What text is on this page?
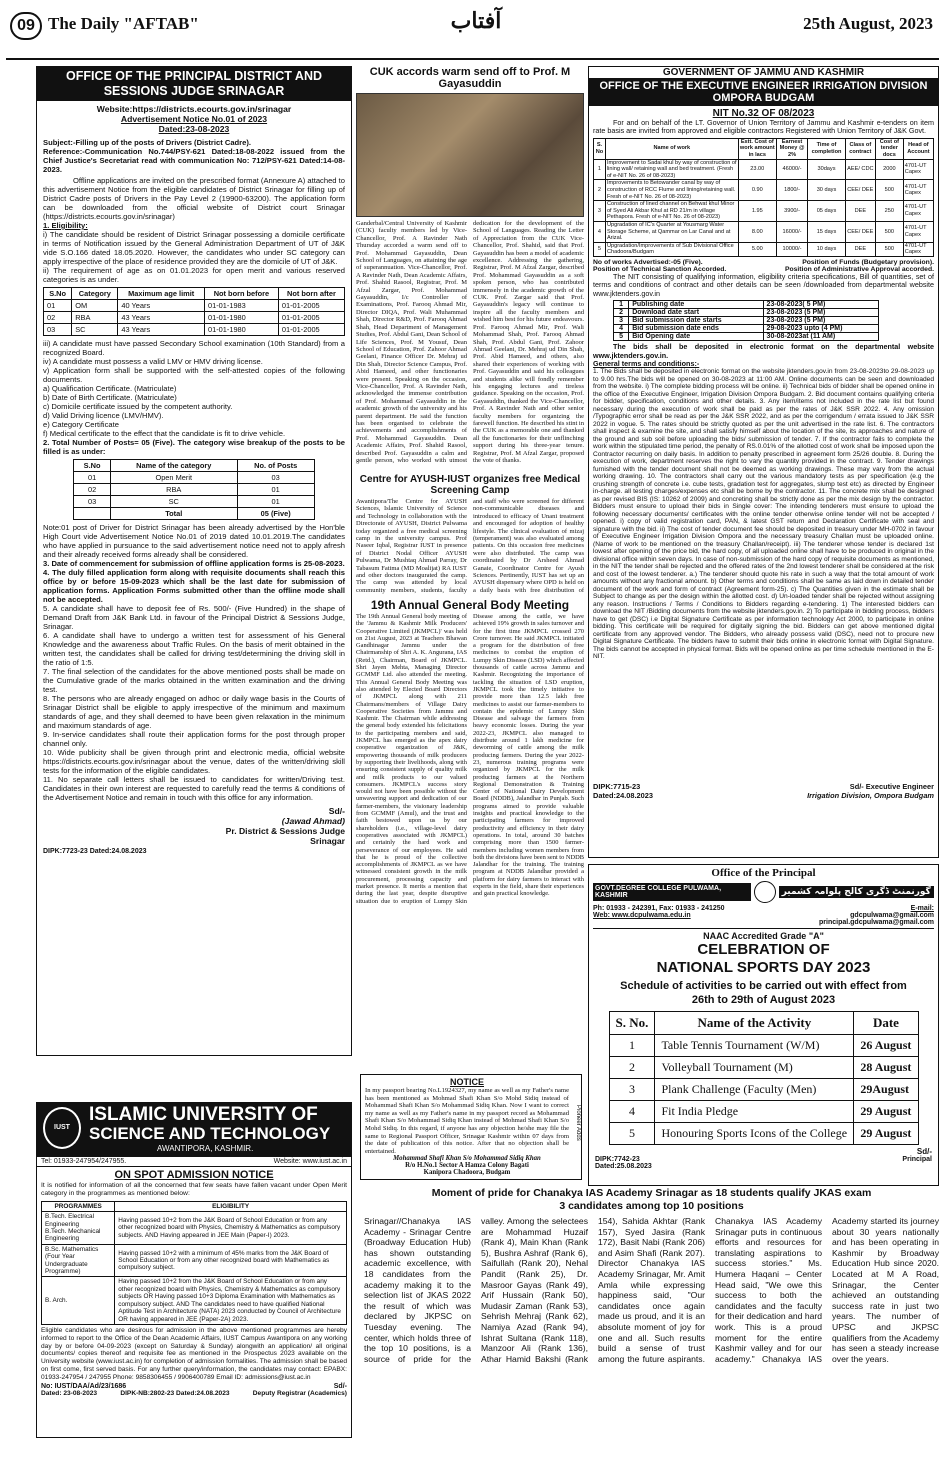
09 The Daily "AFTAB"	آفتاب	25th August, 2023
OFFICE OF THE PRINCIPAL DISTRICT AND SESSIONS JUDGE SRINAGAR
Website:https://districts.ecourts.gov.in/srinagar
Advertisement Notice No.01 of 2023
Dated:23-08-2023
Subject:-Filling up of the posts of Drivers (District Cadre).
Reference:-Communication No.744/PSY-621 Dated:18-08-2022 issued from the Chief Justice's Secretariat read with communication No: 712/PSY-621 Dated:14-08-2023.
Offline applications are invited on the prescribed format (Annexure A) attached to this advertisement Notice from the eligible candidates of District Srinagar for filling up of District Cadre posts of Drivers in the Pay Level 2 (19900-63200). The application form can be downloaded from the official website of District court Srinagar (https://districts.ecourts.gov.in/srinagar)
1. Eligibility:
i) The candidate should be resident of District Srinagar possessing a domicile certificate in terms of Notification issued by the General Administration Department of UT of J&K vide S.O.166 dated 18.05.2020. However, the candidates who under SC category can apply irrespective of the place of residence provided they are the domicile of UT of J&K.
ii) The requirement of age as on 01.01.2023 for open merit and various reserved categories is as under.
S.No	Category	Maximum age limit	Not born before	Not born after
01	OM	40 Years	01-01-1983	01-01-2005
02	RBA	43 Years	01-01-1980	01-01-2005
03	SC	43 Years	01-01-1980	01-01-2005
iii) A candidate must have passed Secondary School examination (10th Standard) from a recognized Board.
iv) A candidate must possess a valid LMV or HMV driving license.
v) Application form shall be supported with the self-attested copies of the following documents.
a) Qualification Certificate. (Matriculate)
b) Date of Birth Certificate. (Matriculate)
c) Domicile certificate issued by the competent authority.
d) Valid Driving licence (LMV/HMV).
e) Category Certificate
f) Medical certificate to the effect that the candidate is fit to drive vehicle.
2. Total Number of Posts= 05 (Five). The category wise breakup of the posts to be filled is as under:
S.No	Name of the category	No. of Posts
01	Open Merit	03
02	RBA	01
03	SC	01
	Total	05 (Five)
Note:01 post of Driver for District Srinagar has been already advertised by the Hon'ble High Court vide Advertisement Notice No.01 of 2019 dated 10.01.2019.The candidates who have applied in pursuance to the said advertisement notice need not to apply afresh and their already received forms already shall be considered.
3. Date of commencement for submission of offline application forms is 25-08-2023.
4. The duly filled application form along with requisite documents shall reach this office by or before 15-09-2023 which shall be the last date for submission of application forms. Application Forms submitted other than the offline mode shall not be accepted.
5. A candidate shall have to deposit fee of Rs. 500/- (Five Hundred) in the shape of Demand Draft from J&K Bank Ltd. in favour of the Principal District & Sessions Judge, Srinagar.
6. A candidate shall have to undergo a written test for assessment of his General Knowledge and the awareness about Traffic Rules. On the basis of merit obtained in the written test, the candidates shall be called for driving test/determining the driving skill in the ratio of 1:5.
7. The final selection of the candidates for the above mentioned posts shall be made on the Cumulative grade of the marks obtained in the written examination and the driving test.
8. The persons who are already engaged on adhoc or daily wage basis in the Courts of Srinagar District shall be eligible to apply irrespective of the minimum and maximum standards of age, and they shall deemed to have been given relaxation in the minimum and maximum standards of age.
9. In-service candidates shall route their application forms for the post through proper channel only.
10. Wide publicity shall be given through print and electronic media, official website https://districts.ecourts.gov.in/srinagar about the venue, dates of the written/driving skill tests for the information of the eligible candidates.
11. No separate call letters shall be issued to candidates for written/Driving test. Candidates in their own interest are requested to carefully read the terms & conditions of the Advertisement Notice and remain in touch with this office for any information.
Sd/-
(Jawad Ahmad)
Pr. District & Sessions Judge
Srinagar
DIPK:7723-23 Dated:24.08.2023
IUST
ISLAMIC UNIVERSITY OF
SCIENCE AND TECHNOLOGY
AWANTIPORA, KASHMIR.
Tel: 01933-247954/247955.	Website: www.iust.ac.in
ON SPOT ADMISSION NOTICE
It is notified for information of all the concerned that few seats have fallen vacant under Open Merit category in the programmes as mentioned below:
PROGRAMMES	ELIGIBILITY
B.Tech. Electrical Engineering
B.Tech. Mechanical Engineering	Having passed 10+2 from the J&K Board of School Education or from any other recognized board with Physics, Chemistry & Mathematics as compulsory subjects. AND Having appeared in JEE Main (Paper-I) 2023.
B.Sc. Mathematics (Four Year Undergraduate Programme)	Having passed 10+2 with a minimum of 45% marks from the J&K Board of School Education or from any other recognized board with Mathematics as compulsory subject.
B. Arch.	Having passed 10+2 from the J&K Board of School Education or from any other recognized board with Physics, Chemistry & Mathematics as compulsory subjects OR Having passed 10+3 Diploma Examination with Mathematics as compulsory subject. AND The candidates need to have qualified National Aptitude Test in Architecture (NATA) 2023 conducted by Council of Architecture OR having appeared in JEE (Paper-2A) 2023.
Eligible candidates who are desirous for admission in the above mentioned programmes are hereby informed to report to the Office of the Dean Academic Affairs, IUST Campus Awantipora on any working day by or before 04-09-2023 (except on Saturday & Sunday) alongwith an application/ all original documents/ copies thereof and requisite fee as mentioned in the Prospectus 2023 available on the University website (www.iust.ac.in) for completion of admission formalities. The admission shall be based on first come, first served basis. For any further query/information, the candidates may contact: EPABX: 01933-247954 / 247955 Phone: 9858306455 / 9906400789 Email ID: admissions@iust.ac.in
No: IUST/DAA/Ad/23/1686	Sd/-
Dated: 23-08-2023	DIPK-NB:2802-23 Dated:24.08.2023	Deputy Registrar (Academics)
CUK accords warm send off to Prof. M Gayasuddin
Ganderbal/Central University of Kashmir (CUK) faculty members led by Vice-Chancellor, Prof. A Ravinder Nath Thursday accorded a warm send off to Prof. Mohammad Gayasuddin, Dean School of Languages, on attaining the age of superannuation. Vice-Chancellor, Prof. A Ravinder Nath, Dean Academic Affairs, Prof. Shahid Rasool, Registrar, Prof. M Afzal Zargar, Prof. Mohammad Gayasuddin, I/c Controller of Examinations, Prof. Farooq Ahmad Mir, Director DIQA, Prof. Wali Muhammad Shah, Director R&D, Prof. Farooq Ahmad Shah, Head Department of Management Studies, Prof. Abdul Gani, Dean School of Life Sciences, Prof. M Yousuf, Dean School of Education, Prof. Zahoor Ahmad Geelani, Finance Officer Dr. Mehraj ud Din Shah, Director Science Campus, Prof. Abid Hameed, and other functionaries were present. Speaking on the occasion, Vice-Chancellor, Prof. A Ravinder Nath, acknowledged the immense contribution of Prof. Mohammad Gayasuddin in the academic growth of the university and his parent department. He said the function has been organised to celebrate the achievements and accomplishments of Prof. Mohammad Gayasuddin. Dean Academic Affairs, Prof. Shahid Rasool, described Prof. Gayasuddin a calm and gentle person, who worked with utmost dedication for the development of the School of Languages. Reading the Letter of Appreciation from the CUK Vice-Chancellor, Prof. Shahid, said that Prof. Gayasuddin has been a model of academic excellence. Addressing the gathering, Registrar, Prof. M Afzal Zargar, described Prof. Mohammad Gayasuddin as a soft spoken person, who has contributed immensely in the academic growth of the CUK. Prof. Zargar said that Prof. Gayasuddin's legacy will continue to inspire all the faculty members and wished him best for his future endeavours. Prof. Farooq Ahmad Mir, Prof. Wali Mohammad Shah, Prof. Farooq Ahmad Shah, Prof. Abdul Gani, Prof. Zahoor Ahmad Geelani, Dr. Mehraj ud Din Shah, Prof. Abid Hameed, and others, also shared their experiences of working with Prof. Gayasuddin and said his colleagues and students alike will fondly remember his engaging lectures and tireless guidance. Speaking on the occasion, Prof. Gayasuddin, thanked the Vice-Chancellor, Prof. A Ravinder Nath and other senior faculty members for organizing the farewell function. He described his stint in the CUK as a memorable one and thanked all the functionaries for their unflinching support during his three-year tenure. Registrar, Prof. M Afzal Zargar, proposed the vote of thanks.
Centre for AYUSH-IUST organizes free Medical Screening Camp
Awantipora/The Centre for AYUSH Sciences, Islamic University of Science and Technology in collaboration with the Directorate of AYUSH, District Pulwama today organized a free medical screening camp in the university campus. Prof Naseer Iqbal, Registrar IUST in presence of District Nodal Officer AYUSH Pulwama, Dr Mushtaq Ahmad Parray, Dr Tabasum Fatima (MD Moalijat) RA IUST and other doctors inaugurated the camp. The camp was attended by local community members, students, faculty and staff who were screened for different non-communicable diseases and introduced to efficacy of Unani treatment and encouraged for adoption of healthy lifestyle. The clinical evaluation of mizaj (temperament) was also evaluated among patients. On this occasion free medicines were also distributed. The camp was coordinated by Dr Arsheed Ahmad Ganaie, Coordinator Centre for Ayush Sciences. Pertinently, IUST has set up an AYUSH dispensary where OPD is held on a daily basis with free distribution of
19th Annual General Body Meeting
The 19th Annual General body meeting of the 'Jammu & Kashmir Milk Producers' Cooperative Limited (JKMPCL)' was held on 21st August, 2023 at Teachers Bhawan Gandhinagar Jammu under the Chairmanship of Shri A. K. Angurana, IAS (Retd.), Chairman, Board of JKMPCL. Shri Jayen Mehta, Managing Director GCMMF Ltd. also attended the meeting. This Annual General Body Meeting was also attended by Elected Board Directors of JKMPCL along with 211 Chairmans/members of Village Dairy Cooperative Societies from Jammu and Kashmir. The Chairman while addressing the general body extended his felicitations to the participating members and said, JKMPCL has emerged as the apex dairy cooperative organization of J&K, empowering thousands of milk producers by supporting their livelihoods, along with ensuring consistent supply of quality milk and milk products to our valued consumers. JKMPCL's success story would not have been possible without the unwavering support and dedication of our farmer-members, the visionary leadership from GCMMF (Amul), and the trust and faith bestowed upon us by our shareholders (i.e., village-level dairy cooperatives associated with JKMPCL) and certainly the hard work and perseverance of our employees. He said that he is proud of the collective accomplishments of JKMPCL as we have witnessed consistent growth in the milk procurement, processing capacity and market presence. It merits a mention that during the last year, despite disruptive situation due to eruption of Lumpy Skin Disease among the cattle, we have achieved 19% growth in sales turnover and for the first time JKMPCL crossed 270 Crore turnover. He said JKMPCL initiated a program for the distribution of free medicines to combat the eruption of Lumpy Skin Disease (LSD) which affected thousands of cattle across Jammu and Kashmir. Recognizing the importance of tackling the situation of LSD eruption, JKMPCL took the timely initiative to provide more than 12.5 lakh free medicines to assist our farmer-members to contain the epidemic of Lumpy Skin Disease and salvage the farmers from heavy economic losses. During the year 2022-23, JKMPCL also managed to distribute around 1 lakh medicine for deworming of cattle among the milk producing farmers. During the year 2022-23, numerous training programs were organized by JKMPCL for the milk producing farmers at the Northern Regional Demonstration & Training Center of National Dairy Development Board (NDDB), Jalandhar in Punjab. Such programs aimed to provide valuable insights and practical knowledge to the participating farmers for improved productivity and efficiency in their dairy operations. In total, around 30 batches comprising more than 1500 farmer-members including women members from both the divisions have been sent to NDDB Jalandhar for the training. The training program at NDDB Jalandhar provided a platform for dairy farmers to interact with experts in the field, share their experiences and gain practical knowledge.
NOTICE
In my passport bearing No.L1924327, my name as well as my Father's name has been mentioned as Mohmad Shafi Khan S/o Mohd Sidiq instead of Mohammad Shafi Khan S/o Mohammad Sidiq Khan. Now I want to correct my name as well as my Father's name in my passport record as Mohammad Shafi Khan S/o Mohammad Sidiq Khan instead of Mohmad Shafi Khan S/o Mohd Sidiq. In this regard, if anyone has any objection he/she may file the same to Regional Passport Officer, Srinagar Kashmir within 07 days from the date of publication of this notice. After that no objection shall be entertained.
Mohammad Shafi Khan S/o Mohammad Sidiq Khan
R/o H.No.1 Sector A Hamza Colony Bagati
Kanipora Chadoora, Budgam
Pioneer Adds
GOVERNMENT OF JAMMU AND KASHMIR
OFFICE OF THE EXECUTIVE ENGINEER IRRIGATION DIVISION OMPORA BUDGAM
NIT No.32 OF 08/2023
For and on behalf of the LT. Governor of Union Territory of Jammu and Kashmir e-tenders on item rate basis are invited from approved and eligible contractors Registered with Union Territory of J&K Govt.
S. No	Name of work	Estt. Cost of work amount in lacs	Earnest Money @ 2%	Time of completion	Class of contract	Cost of tender docs	Head of Account
1	Improvement to Sadai khul by way of construction of lining wall/ retaining wall and bed treatment. (Fresh of e-NIT No. 26 of 08-2023)	23.00	46000/-	30days	AEE/ CDC	2000	4701-UT Capex
2	Improvements to Betowander canal by way of construction of RCC Flume and lining/retaining wall. Fresh of e-NIT No. 26 of 08-2023)	0.90	1800/-	30 days	CEE/ DEE	500	4701-UT Capex
3	Construction of lined channel on Behwat khul Minor of Syed Ali Akbar Khul at RD 21/m in village Pethapora. Fresh of e-NIT No. 26 of 08-2023)	1.95	3900/-	05 days	DEE	250	4701-UT Capex
4	Upgradation of IC's Quarter at Yousmarg Water Storage Scheme, at Qammar on Lar Canal and at Arizal.	8.00	16000/-	15 days	CEE/ DEE	500	4701-UT Capex
5	Upgradation/Improvements of Sub Divisional Office Chadoora/Budgam	5.00	10000/-	10 days	DEE	500	4701-UT Capex
No of works Advertised:-05 (Five).	Position of Funds (Budgetary provision).
Position of Technical Sanction Accorded.	Position of Administrative Approval accorded.
The NIT consisting of qualifying information, eligibility criteria specifications, Bill of quantities, set of terms and conditions of contract and other details can be seen /downloaded from departmental website www.jktenders.gov.in
1	Publishing date	23-08-2023( 5 PM)
2	Download date start	23-08-2023 (5 PM)
3	Bid submission date starts	23-08-2023 (5 PM)
4	Bid submission date ends	29-08-2023 upto (4 PM)
5	Bid Opening date	30-08-2023at (11 AM)
The bids shall be deposited in electronic format on the departmental website www.jktenders.gov.in.
General terms and conditions:-
1. The Bids shall be deposited in electronic format on the website jktenders.gov.in from 23-08-2023to 29-08-2023 up to 9.00 hrs.The bids will be opened on 30-08-2023 at 11:00 AM. Online documents can be seen and downloaded from the website. i) The complete bidding process will be online. ii) Technical bids of bidder shall be opened online in the office of the Executive Engineer, Irrigation Division Ompora Budgam. 2. Bid document contains qualifying criteria for bidder, specification, conditions and other details. 3. Any item/items not included in the rate list but found necessary during the execution of work shall be paid as per the rates of J&K SSR 2022. 4. Any omission /Typographic error shall be read as per the J&K SSR 2022, and as per the corrigendum / errata issued to J&K SSR 2022 in vogue. 5. The rates should be strictly quoted as per the unit advertised in the rate list. 6. The contractors shall inspect & examine the site, and shall satisfy himself about the location of the site, its approaches and nature of the ground and sub soil before uploading the bids/ submission of tender. 7. If the contractor fails to complete the work within the stipulated time period, the penalty of RS.0.01% of the allotted cost of work shall be imposed upon the Contractor recurring on daily basis. In addition to penalty prescribed in agreement form 25/26 double. 8. During the execution of work, department reserves the right to vary the quantity provided in the contract. 9. Tender drawings furnished with the tender document shall not be deemed as working drawings. These may vary from the actual working drawing. 10. The contractors shall carry out the various mandatory tests as per specification (e.g the crushing strength of concrete i.e. cube tests, gradation test for aggregates, slump test etc) as directed by Engineer in-charge. all testing charges/expenses etc shall be borne by the contractor. 11. The concrete mix shall be designed as per revised BIS (IS: 10262 of 2009) and concreting shall be strictly done as per the mix design by the contractor. Bidders must ensure to upload their bids in Single cover: The intending tenderers must ensure to upload the following necessary documents/ certificates with the online tender otherwise online tender will not be accepted / opened. i) copy of valid registration card, PAN, & latest GST return and Declaration Certificate with seal and signature with the bid. ii) The cost of tender document fee should be deposited in treasury under MH-0702 in favour of Executive Engineer Irrigation Division Ompora and the necessary treasury Challan must be uploaded online. (Name of work to be mentioned on the treasury Challan/receipt). iii) The tenderer whose tender is declared 1st lowest after opening of the price bid, the hard copy, of all uploaded online shall have to be produced in original in the divisional office within seven days. In case of non-submission of the hard copy of requisite documents as mentioned, in the NIT the tender shall be rejected and the offered rates of the 2nd lowest tenderer shall be considered at the risk and cost of the lowest tenderer. a.) The tenderer should quote his rate in such a way that the total amount of work amounts without any fractional amount. b) Other terms and conditions shall be same as laid down in detailed tender document of the work and form of contract (Agreement form-25). c) The Quantities given in the estimate shall be Subject to change as per the design within the allotted cost. d) Un-loaded tender shall be rejected without assigning any reason. Instructions / Terms / Conditions to Bidders regarding e-tendering. 1) The interested bidders can download the NIT /Bidding documents from the website jktenders.gov.in. 2) To participate in bidding process, bidders have to get (DSC) i.e Digital Signature Certificate as per information technology Act 2000, to participate in online bidding. This certificate will be required for digitally signing the bid. Bidders can get above mentioned digital certificate from any approved vendor. The Bidders, who already possess valid (DSC), need not to procure new Digital Signature Certificate. The bidders have to submit their bids online in electronic format with Digital Signature. The bids cannot be accepted in physical format. Bids will be opened online as per time schedule mentioned in the E-NIT.
DIPK:7715-23	Sd/- Executive Engineer
Dated:24.08.2023	Irrigation Division, Ompora Budgam
Office of the Principal
GOVT.DEGREE COLLEGE PULWAMA, KASHMIR	گورنمنٹ ڈگری کالج پلوامہ کشمیر
Ph: 01933 - 242391, Fax: 01933 - 241250
Web: www.dcpulwama.edu.in
E-mail:
gdcpulwama@gmail.com
principal.gdcpulwama@gmail.com
NAAC Accredited Grade "A"
CELEBRATION OF
NATIONAL SPORTS DAY 2023
Schedule of activities to be carried out with effect from 26th to 29th of August 2023
S. No.	Name of the Activity	Date
1	Table Tennis Tournament (W/M)	26 August
2	Volleyball Tournament (M)	28 August
3	Plank Challenge (Faculty (Men)	29August
4	Fit India Pledge	29 August
5	Honouring Sports Icons of the College	29 August
Sd/-
DIPK:7742-23
Dated:25.08.2023
Principal
Moment of pride for Chanakya IAS Academy Srinagar as 18 students qualify JKAS exam
3 candidates among top 10 positions
Srinagar//Chanakya IAS Academy - Srinagar Centre (Broadway Education Hub) has shown outstanding academic excellence, with 18 candidates from the academy making it to the selection list of JKAS 2022 the result of which was declared by JKPSC on Tuesday evening. The center, which holds three of the top 10 positions, is a source of pride for the valley. Among the selectees are Mohammad Huzaif (Rank 4), Main Khan (Rank 5), Bushra Ashraf (Rank 6), Saifullah (Rank 20), Nehal Pandit (Rank 25), Dr. Masroor Gayas (Rank 49), Arif Hussain (Rank 50), Mudasir Zaman (Rank 53), Sehrish Mehraj (Rank 62), Namiya Azad (Rank 94), Ishrat Sultana (Rank 118), Manzoor Ali (Rank 136), Athar Hamid Bakshi (Rank 154), Sahida Akhtar (Rank 157), Syed Jasira (Rank 172), Basit Nabi (Rank 206) and Asim Shafi (Rank 207). Director Chanakya IAS Academy Srinagar, Mr. Amit Amla while expressing happiness said, "Our candidates once again made us proud, and it is an absolute moment of joy for one and all. Such results build a sense of trust among the future aspirants. Chanakya IAS Academy Srinagar puts in continuous efforts and resources for translating aspirations to success stories." Ms. Humera Haqani – Center Head said, "We owe this success to both the candidates and the faculty for their dedication and hard work. This is a proud moment for the entire Kashmir valley and for our academy." Chanakya IAS Academy started its journey about 30 years nationally and has been operating in Kashmir by Broadway Education Hub since 2020. Located at M A Road, Srinagar, the Center achieved an outstanding success rate in just two years. The number of UPSC and JKPSC qualifiers from the Academy has seen a steady increase over the years.
